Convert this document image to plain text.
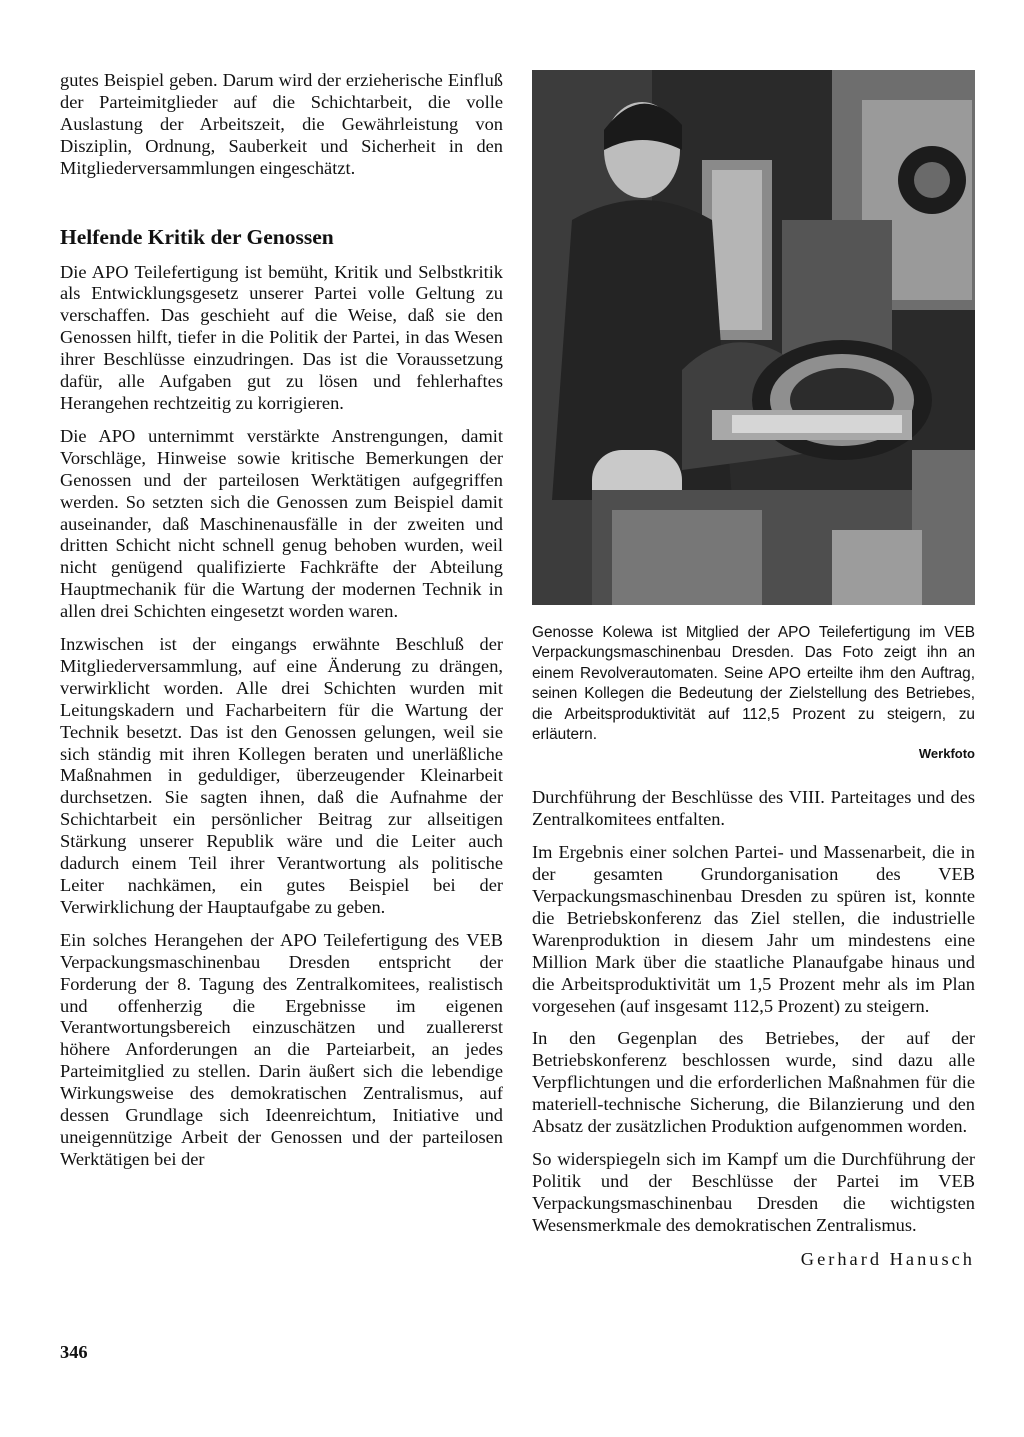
gutes Beispiel geben. Darum wird der erzieherische Einfluß der Parteimitglieder auf die Schichtarbeit, die volle Auslastung der Arbeitszeit, die Gewährleistung von Disziplin, Ordnung, Sauberkeit und Sicherheit in den Mitgliederversammlungen eingeschätzt.

Helfende Kritik der Genossen

Die APO Teilefertigung ist bemüht, Kritik und Selbstkritik als Entwicklungsgesetz unserer Partei volle Geltung zu verschaffen. Das geschieht auf die Weise, daß sie den Genossen hilft, tiefer in die Politik der Partei, in das Wesen ihrer Beschlüsse einzudringen. Das ist die Voraussetzung dafür, alle Aufgaben gut zu lösen und fehlerhaftes Herangehen rechtzeitig zu korrigieren.

Die APO unternimmt verstärkte Anstrengungen, damit Vorschläge, Hinweise sowie kritische Bemerkungen der Genossen und der parteilosen Werktätigen aufgegriffen werden. So setzten sich die Genossen zum Beispiel damit auseinander, daß Maschinenausfälle in der zweiten und dritten Schicht nicht schnell genug behoben wurden, weil nicht genügend qualifizierte Fachkräfte der Abteilung Hauptmechanik für die Wartung der modernen Technik in allen drei Schichten eingesetzt worden waren.

Inzwischen ist der eingangs erwähnte Beschluß der Mitgliederversammlung, auf eine Änderung zu drängen, verwirklicht worden. Alle drei Schichten wurden mit Leitungskadern und Facharbeitern für die Wartung der Technik besetzt. Das ist den Genossen gelungen, weil sie sich ständig mit ihren Kollegen beraten und unerläßliche Maßnahmen in geduldiger, überzeugender Kleinarbeit durchsetzen. Sie sagten ihnen, daß die Aufnahme der Schichtarbeit ein persönlicher Beitrag zur allseitigen Stärkung unserer Republik wäre und die Leiter auch dadurch einem Teil ihrer Verantwortung als politische Leiter nachkämen, ein gutes Beispiel bei der Verwirklichung der Hauptaufgabe zu geben.

Ein solches Herangehen der APO Teilefertigung des VEB Verpackungsmaschinenbau Dresden entspricht der Forderung der 8. Tagung des Zentralkomitees, realistisch und offenherzig die Ergebnisse im eigenen Verantwortungsbereich einzuschätzen und zuallererst höhere Anforderungen an die Parteiarbeit, an jedes Parteimitglied zu stellen. Darin äußert sich die lebendige Wirkungsweise des demokratischen Zentralismus, auf dessen Grundlage sich Ideenreichtum, Initiative und uneigennützige Arbeit der Genossen und der parteilosen Werktätigen bei der

Genosse Kolewa ist Mitglied der APO Teilefertigung im VEB Verpackungsmaschinenbau Dresden. Das Foto zeigt ihn an einem Revolverautomaten. Seine APO erteilte ihm den Auftrag, seinen Kollegen die Bedeutung der Zielstellung des Betriebes, die Arbeitsproduktivität auf 112,5 Prozent zu steigern, zu erläutern.
Werkfoto

Durchführung der Beschlüsse des VIII. Parteitages und des Zentralkomitees entfalten.

Im Ergebnis einer solchen Partei- und Massenarbeit, die in der gesamten Grundorganisation des VEB Verpackungsmaschinenbau Dresden zu spüren ist, konnte die Betriebskonferenz das Ziel stellen, die industrielle Warenproduktion in diesem Jahr um mindestens eine Million Mark über die staatliche Planaufgabe hinaus und die Arbeitsproduktivität um 1,5 Prozent mehr als im Plan vorgesehen (auf insgesamt 112,5 Prozent) zu steigern.

In den Gegenplan des Betriebes, der auf der Betriebskonferenz beschlossen wurde, sind dazu alle Verpflichtungen und die erforderlichen Maßnahmen für die materiell-technische Sicherung, die Bilanzierung und den Absatz der zusätzlichen Produktion aufgenommen worden.

So widerspiegeln sich im Kampf um die Durchführung der Politik und der Beschlüsse der Partei im VEB Verpackungsmaschinenbau Dresden die wichtigsten Wesensmerkmale des demokratischen Zentralismus.

Gerhard Hanusch
346
